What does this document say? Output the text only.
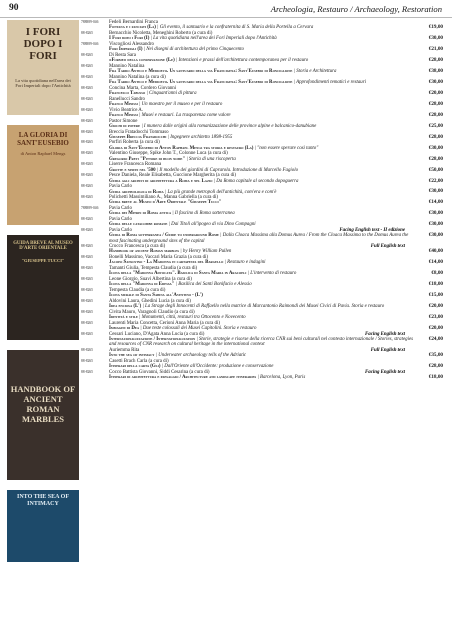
90	Archeologia, Restauro / Archaeology, Restoration
I FORI DOPO I FORI
La vita quotidiana nell'area dei Fori Imperiali dopo l'Antichità
LA GLORIA DI SANT'EUSEBIO
di Anton Raphael Mengs
GUIDA BREVE AL MUSEO D'ARTE ORIENTALE
"GIUSEPPE TUCCI"
HANDBOOK OF ANCIENT ROMAN MARBLES
INTO THE SEA OF INTIMACY
788889-046 Fedeli Bernardini Franca
Fontana e i fanciati (La) | Gli evento, il santuario e la confraternita di S. Maria della Portella a Cervara	€19,00
88-8265	Bernacchio Nicoletta, Meneghini Roberto (a cura di)
I Fori dopo i Fori (I) | La vita quotidiana nell'area dei Fori Imperiali dopo l'Antichità	€30,00
788889-046 Viscogliosi Alessandro
Fori Imperiali (I) | Nei disegni di architettura del primo Cinquecento	€21,00
88-8265	Di Resta Sara
«Forme» della conservazione (Le) | Intenzioni e prassi dell'architettura contemporanea per il restauro	€28,00
88-8265	Mannino Natalina
Fra Tardo Antico e Medioevo. Un santuario della via Francigena: Sant'Eusebio di Ronciglione | Storia e Architettura	€38,00
88-8265	Mannino Natalina (a cura di)
Fra Tardo Antico e Medioevo. Un santuario della via Francigena: Sant'Eusebio di Ronciglione | Approfondimenti tematici e restauri	€30,00
88-8265	Concina Marta, Cordero Giovanni
Francesco Tabusso | Cinquant'anni di pittura	€20,00
88-8265	Ranellucci Sandro
Franco Minissi | Un maestro per il museo e per il restauro	€28,00
88-8265	Vivio Beatrice A.
Franco Minissi | Musei e restauri. La trasparenza come valore	€28,00
88-8265	Pastor Simone
Giochi di potere | I munera dalle origini alla romanizzazione delle province alpine e balcanico-danubiane	€25,00
88-8265	Breccia Fratadocchi Tommaso
Giuseppe Breccia Fratadocchi | Ingegnere architetto 1898-1955	€28,00
88-8265	Porfiri Roberta (a cura di)
Gloria di Sant'Eusebio di Anton Raphael Mengs tra storia e restauro (La) | "non essere sperare così tanto"	€30,00
88-8265	Valentino Giuseppe, Spike John T., Colonne Luca (a cura di)
Gregorio Preti "Pittore di buon nome" | Storia di una riscoperta	€28,00
88-8265	Liserre Francesca Romana
Grotte e ninfei nel '500 | Il modello dei giardini di Caprarola. Introduzione di Marcello Fagiolo	€50,00
88-8265	Pesce Daniela, Reale Elisabetta, Guccione Margherita (a cura di)
Guida agli archivi di architettura a Roma e nel Lazio | Da Roma capitale al secondo dopoguerra	€22,00
88-8265	Pavia Carlo
Guida archeologica di Roma | La più grande metropoli dell'antichità, com'era e com'è	€30,00
88-8265	Polichetti Massimiliano A., Manna Gabriella (a cura di)
Guida breve al Museo d'Arte Orientale "Giuseppe Tucci"	€14,00
788889-046 Pavia Carlo
Guida dei Mitrei di Roma antica | Il fascino di Roma sotterranea	€30,00
88-8265	Pavia Carlo
Guida delle catacombe romane | Dai Titoli all'ipogeo di via Dino Compagni	€30,00
88-8265	Pavia Carlo	Facing English text - II edizione
Guida di Roma sotterranea / Guide to underground Rome | Dalla Cloaca Massima alla Domus Aurea / From the Cloaca Massima to the Domus Aurea the most fascinating underground sites of the capital
€30,00
88-8265	Crocco Francesca (a cura di)	Full English text
Handbook of ancient Roman marbles | by Henry William Pullen	€40,00
88-8265	Bonelli Massimo, Vaccari Maria Grazia (a cura di)
Jacopo Sansovino - La Madonna in cartapesta del Bargello | Restauro e indagini	€14,00
88-8265	Tamanti Giulia, Tempesta Claudia (a cura di)
Icona della "Madonna Advocata". Basilica di Santa Maria in Aracoeli | L'intervento di restauro	€8,00
88-8265	Leone Giorgio, Suavi Albertina (a cura di)
Icona della "Madonna di Edessa" | Basilica dei Santi Bonifacio e Alessio	€18,00
88-8265	Tempesta Claudia (a cura di)
Icona murale di Santa Sabina all'Aventino - (L')	€15,00
88-8265	Aldovini Laura, Ghedini Lucia (a cura di)
Idea enciosa (L') | La Strage degli Innocenti di Raffaello nella matrice di Marcantonio Raimondi dei Musei Civici di Pavia. Storia e restauro	€20,00
88-8265	Civita Mauro, Varagnoli Claudio (a cura di)
Identità e stile | Monumenti, città, restauri tra Ottocento e Novecento	€23,00
88-8265	Laurenti Maria Concetta, Cerioni Anna Maria (a cura di)
Immagini di Dea | Due teste colossali dei Musei Capitolini. Storia e restauro	€20,00
88-8265	Cessari Luciano, D'Agata Anna Lucia (a cura di)	Facing English text
Internazionalizzazione / Internationalization | Storie, strategie e risorse della ricerca CNR sui beni culturali nel contesto internazionale / Stories, strategies and resources of CNR research on cultural heritage in the international context
€24,00
88-8265	Auriemma Rita	Full English text
Into the sea of intimacy | Underwater archaeology tells of the Adriatic	€35,00
88-8265	Casetti Brach Carla (a cura di)
Itinerari della carta (Gli) | Dall'Oriente all'Occidente: produzione e conservazione	€28,00
88-8265	Cocco Battista Giovanni, Siddi Cesarina (a cura di)	Facing English text
Itinerari di architettura e paesaggio / Architecture and landscape itineraries | Barcelona, Lyon, Paris	€18,00
